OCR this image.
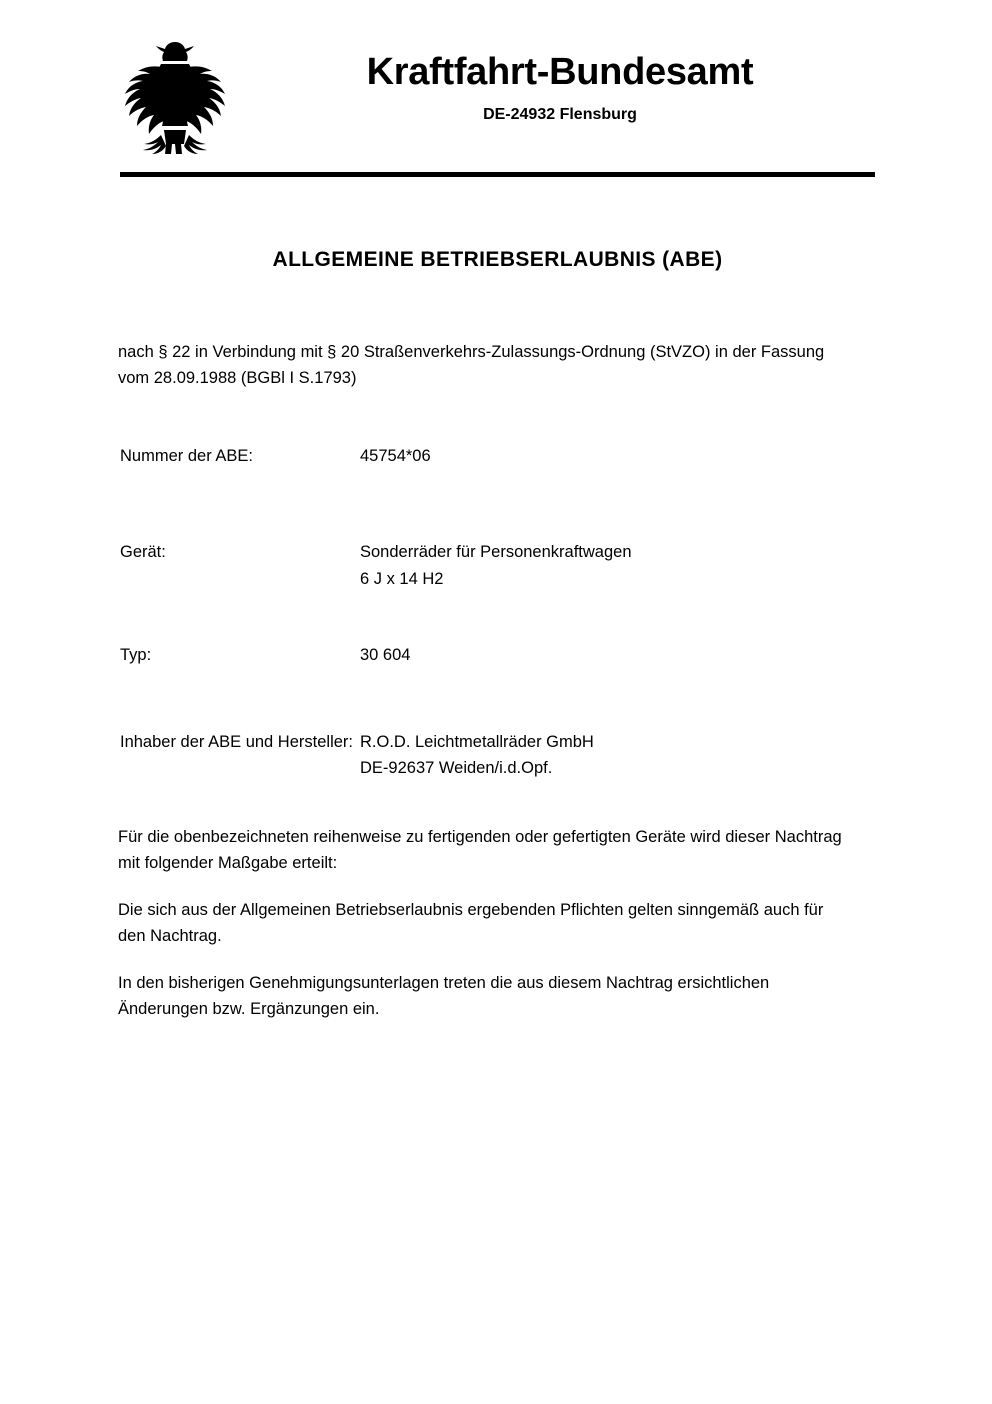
Kraftfahrt-Bundesamt
DE-24932 Flensburg
ALLGEMEINE BETRIEBSERLAUBNIS (ABE)
nach § 22 in Verbindung mit § 20 Straßenverkehrs-Zulassungs-Ordnung (StVZO) in der Fassung vom 28.09.1988 (BGBl I S.1793)
Nummer der ABE:	45754*06
Gerät:	Sonderräder für Personenkraftwagen
6 J x 14 H2
Typ:	30 604
Inhaber der ABE und Hersteller: R.O.D. Leichtmetallräder GmbH
DE-92637 Weiden/i.d.Opf.

Für die obenbezeichneten reihenweise zu fertigenden oder gefertigten Geräte wird dieser Nachtrag mit folgender Maßgabe erteilt:

Die sich aus der Allgemeinen Betriebserlaubnis ergebenden Pflichten gelten sinngemäß auch für den Nachtrag.

In den bisherigen Genehmigungsunterlagen treten die aus diesem Nachtrag ersichtlichen Änderungen bzw. Ergänzungen ein.
